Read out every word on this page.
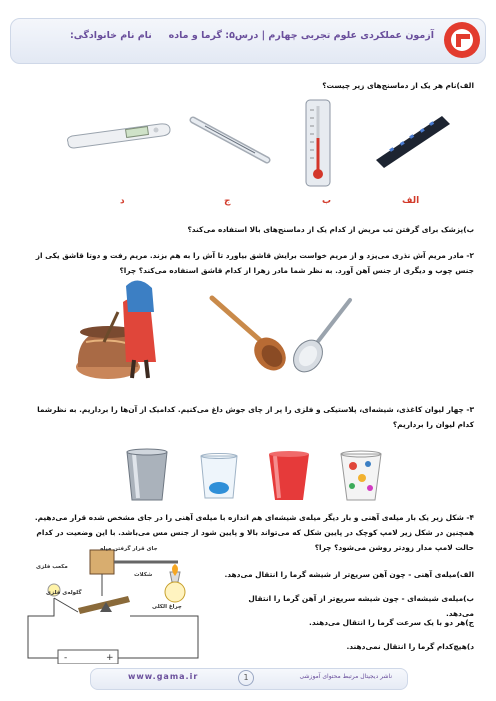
آزمون عملکردی علوم تجربی چهارم | درس۵: گرما و ماده
نام نام خانوادگی:
الف)نام هر یک از دماسنج‌های زیر چیست؟
د	ج	ب	الف
ب)پزشک برای گرفتن تب مریض از کدام یک از دماسنج‌های بالا استفاده می‌کند؟
۲- مادر مریم آش نذری می‌پزد و از مریم خواست برایش قاشق بیاورد تا آش را به هم بزند. مریم رفت و دوتا قاشق یکی از جنس چوب و دیگری از جنس آهن آورد. به نظر شما مادر زهرا از کدام قاشق استفاده می‌کند؟ چرا؟
۳- چهار لیوان کاغذی، شیشه‌ای، پلاستیکی و فلزی را پر از چای جوش داغ می‌کنیم. کدامیک از آن‌ها را برداریم. به نظرشما کدام لیوان را برداریم؟
۴- شکل زیر یک بار میله‌ی آهنی و بار دیگر میله‌ی شیشه‌ای هم اندازه با میله‌ی آهنی را در جای مشخص شده قرار می‌دهیم. همچنین در شکل زیر لامپ کوچک در پایین شکل که می‌تواند بالا و پایین شود از جنس مس می‌باشد. با این وضعیت در کدام حالت لامپ مدار زودتر روشن می‌شود؟ چرا؟
-	+
جای قرار گرفتن میله
مکعب فلزی
شکلات
گلوله‌ی فلزی
چراغ الکلی
الف)میله‌ی آهنی - چون آهن سریع‌تر از شیشه گرما را انتقال می‌دهد.
ب)میله‌ی شیشه‌ای - چون شیشه سریع‌تر از آهن گرما را انتقال می‌دهد.
ج)هر دو با یک سرعت گرما را انتقال می‌دهند.
د)هیچ‌کدام گرما را انتقال نمی‌دهند.
www.gama.ir	1	ناشر دیجیتال مرتبط محتوای آموزشی
